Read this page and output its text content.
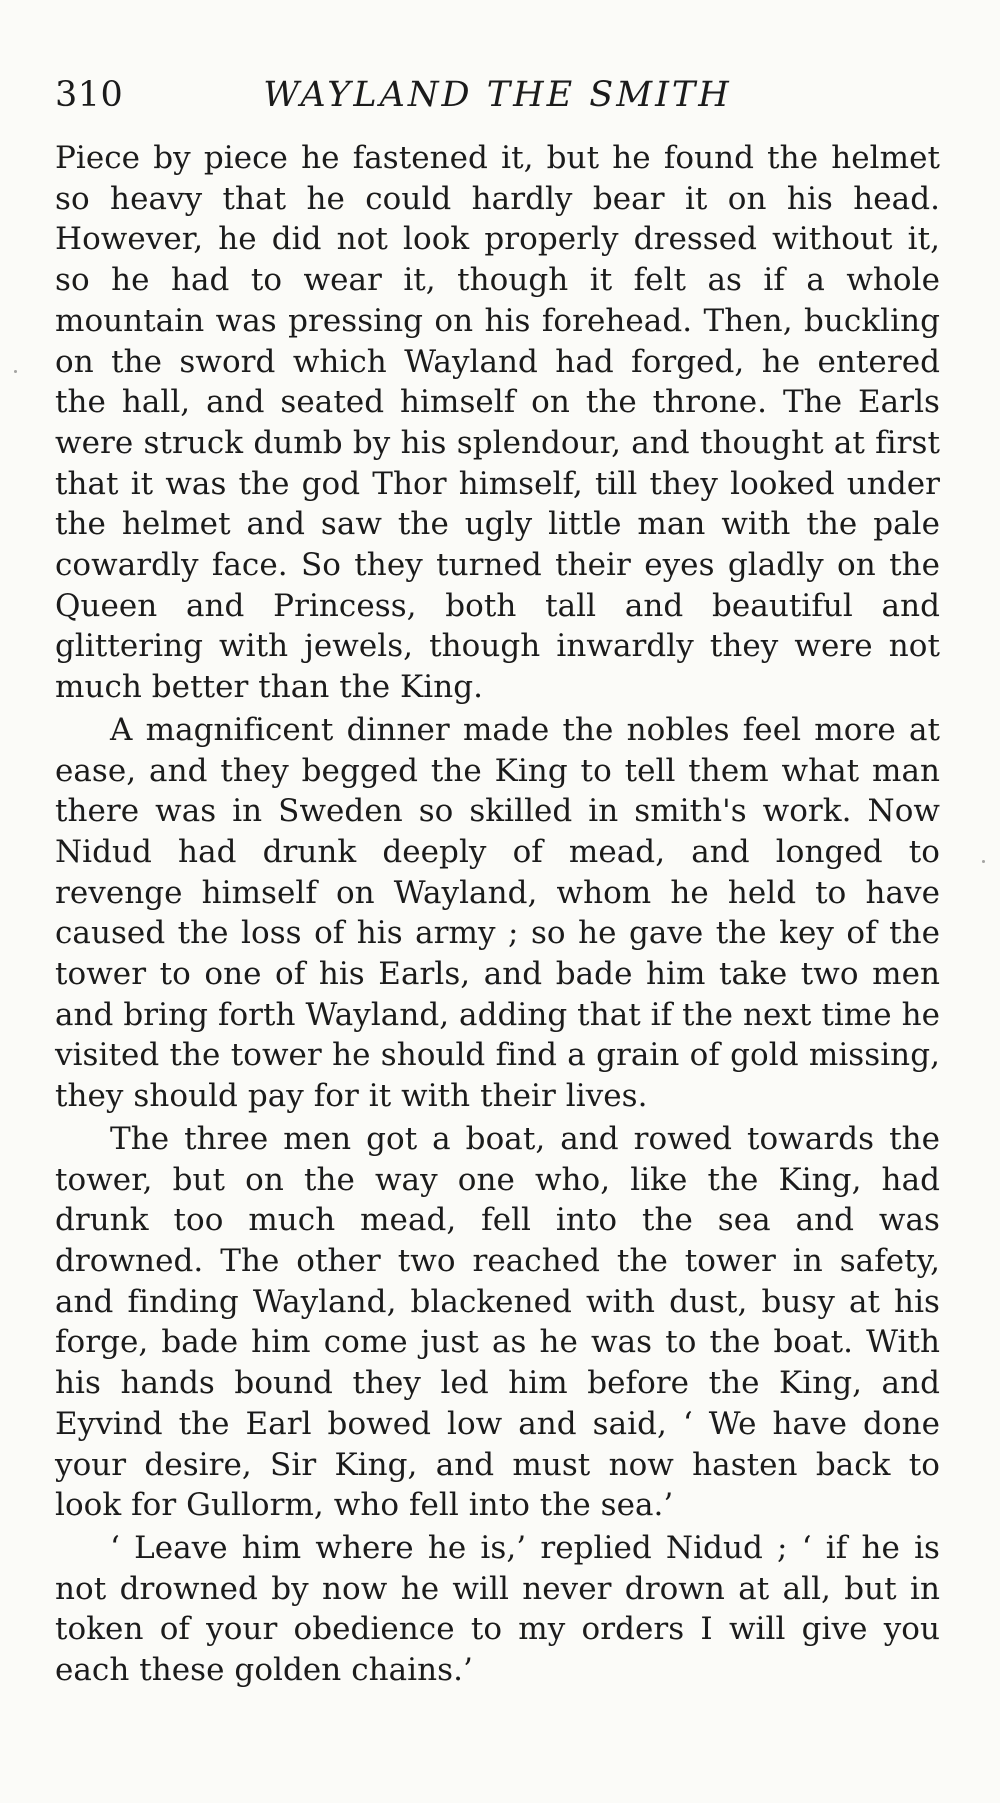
310	WAYLAND THE SMITH

Piece by piece he fastened it, but he found the helmet so heavy that he could hardly bear it on his head. However, he did not look properly dressed without it, so he had to wear it, though it felt as if a whole mountain was pressing on his forehead. Then, buckling on the sword which Wayland had forged, he entered the hall, and seated himself on the throne. The Earls were struck dumb by his splendour, and thought at first that it was the god Thor himself, till they looked under the helmet and saw the ugly little man with the pale cowardly face. So they turned their eyes gladly on the Queen and Princess, both tall and beautiful and glittering with jewels, though inwardly they were not much better than the King.

A magnificent dinner made the nobles feel more at ease, and they begged the King to tell them what man there was in Sweden so skilled in smith's work. Now Nidud had drunk deeply of mead, and longed to revenge himself on Wayland, whom he held to have caused the loss of his army ; so he gave the key of the tower to one of his Earls, and bade him take two men and bring forth Wayland, adding that if the next time he visited the tower he should find a grain of gold missing, they should pay for it with their lives.

The three men got a boat, and rowed towards the tower, but on the way one who, like the King, had drunk too much mead, fell into the sea and was drowned. The other two reached the tower in safety, and finding Wayland, blackened with dust, busy at his forge, bade him come just as he was to the boat. With his hands bound they led him before the King, and Eyvind the Earl bowed low and said, ‘ We have done your desire, Sir King, and must now hasten back to look for Gullorm, who fell into the sea.’

‘ Leave him where he is,’ replied Nidud ; ‘ if he is not drowned by now he will never drown at all, but in token of your obedience to my orders I will give you each these golden chains.’
